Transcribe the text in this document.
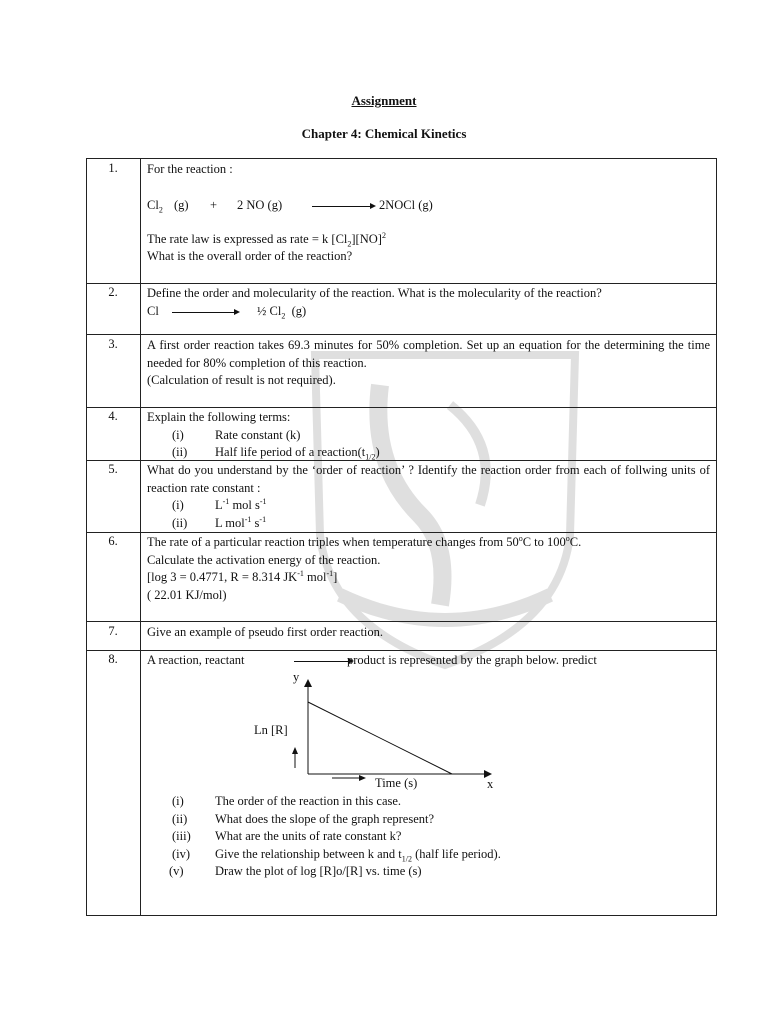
Assignment
Chapter 4: Chemical Kinetics
1.	For the reaction :

$Cl_2$ (g) + 2 NO (g)	2NOCl (g)

The rate law is expressed as rate = k $[Cl_2][NO]^2$

What is the overall order of the reaction?

2.	Define the order and molecularity of the reaction. What is the molecularity of the reaction?

Cl	½ $Cl_2$ (g)
3.	A first order reaction takes 69.3 minutes for 50% completion. Set up an equation for the determining the time needed for 80% completion of this reaction.

(Calculation of result is not required).

4.	Explain the following terms:

(i)	Rate constant (k)
(ii)	Half life period of a $reaction(t_{1/2})$
5.	What do you understand by the ‘order of reaction’ ? Identify the reaction order from each of follwing units of reaction rate constant :

(i)	$L^{-1}$ mol $s^{-1}$
(ii)	L mol$^{-1}$ $s^{-1}$
6.	The rate of a particular reaction triples when temperature changes from 50$^o$C to 100$^o$C.

Calculate the activation energy of the reaction.

[log 3 = 0.4771, R = 8.314 $JK^{-1}$ mol$^{-1}$]

( 22.01 KJ/mol)

7.	Give an example of pseudo first order reaction.

8.	A reaction, reactant	product is represented by the graph below. predict
y
Ln [R]
Time (s)	x
(i)	The order of the reaction in this case.
(ii)	What does the slope of the graph represent?
(iii)	What are the units of rate constant k?
(iv)	Give the relationship between k and $t_{1/2}$ (half life period).
(v)	Draw the plot of log [R]o/[R] vs. time (s)
